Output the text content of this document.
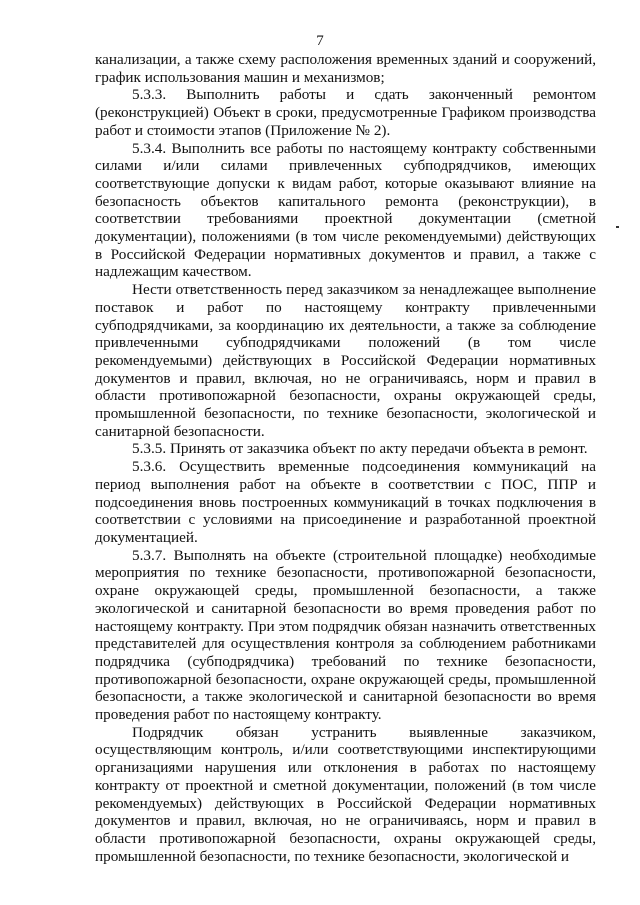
7

канализации, а также схему расположения временных зданий и сооружений, график использования машин и механизмов;

5.3.3. Выполнить работы и сдать законченный ремонтом (реконструкцией) Объект в сроки, предусмотренные Графиком производства работ и стоимости этапов (Приложение № 2).

5.3.4. Выполнить все работы по настоящему контракту собственными силами и/или силами привлеченных субподрядчиков, имеющих соответствующие допуски к видам работ, которые оказывают влияние на безопасность объектов капитального ремонта (реконструкции), в соответствии требованиями проектной документации (сметной документации), положениями (в том числе рекомендуемыми) действующих в Российской Федерации нормативных документов и правил, а также с надлежащим качеством.

Нести ответственность перед заказчиком за ненадлежащее выполнение поставок и работ по настоящему контракту привлеченными субподрядчиками, за координацию их деятельности, а также за соблюдение привлеченными субподрядчиками положений (в том числе рекомендуемыми) действующих в Российской Федерации нормативных документов и правил, включая, но не ограничиваясь, норм и правил в области противопожарной безопасности, охраны окружающей среды, промышленной безопасности, по технике безопасности, экологической и санитарной безопасности.

5.3.5. Принять от заказчика объект по акту передачи объекта в ремонт.

5.3.6. Осуществить временные подсоединения коммуникаций на период выполнения работ на объекте в соответствии с ПОС, ППР и подсоединения вновь построенных коммуникаций в точках подключения в соответствии с условиями на присоединение и разработанной проектной документацией.

5.3.7. Выполнять на объекте (строительной площадке) необходимые мероприятия по технике безопасности, противопожарной безопасности, охране окружающей среды, промышленной безопасности, а также экологической и санитарной безопасности во время проведения работ по настоящему контракту. При этом подрядчик обязан назначить ответственных представителей для осуществления контроля за соблюдением работниками подрядчика (субподрядчика) требований по технике безопасности, противопожарной безопасности, охране окружающей среды, промышленной безопасности, а также экологической и санитарной безопасности во время проведения работ по настоящему контракту.

Подрядчик обязан устранить выявленные заказчиком, осуществляющим контроль, и/или соответствующими инспектирующими организациями нарушения или отклонения в работах по настоящему контракту от проектной и сметной документации, положений (в том числе рекомендуемых) действующих в Российской Федерации нормативных документов и правил, включая, но не ограничиваясь, норм и правил в области противопожарной безопасности, охраны окружающей среды, промышленной безопасности, по технике безопасности, экологической и
